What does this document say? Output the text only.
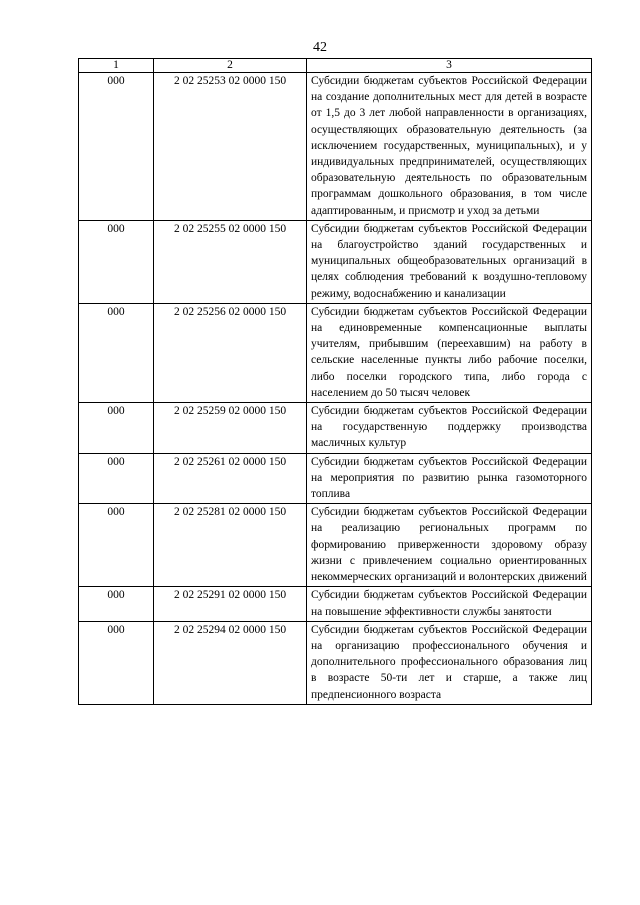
42
1	2	3
000	2 02 25253 02 0000 150	Субсидии бюджетам субъектов Российской Федерации на создание дополнительных мест для детей в возрасте от 1,5 до 3 лет любой направленности в организациях, осуществляющих образовательную деятельность (за исключением государственных, муниципальных), и у индивидуальных предпринимателей, осуществляющих образовательную деятельность по образовательным программам дошкольного образования, в том числе адаптированным, и присмотр и уход за детьми
000	2 02 25255 02 0000 150	Субсидии бюджетам субъектов Российской Федерации на благоустройство зданий государственных и муниципальных общеобразовательных организаций в целях соблюдения требований к воздушно-тепловому режиму, водоснабжению и канализации
000	2 02 25256 02 0000 150	Субсидии бюджетам субъектов Российской Федерации на единовременные компенсационные выплаты учителям, прибывшим (переехавшим) на работу в сельские населенные пункты либо рабочие поселки, либо поселки городского типа, либо города с населением до 50 тысяч человек
000	2 02 25259 02 0000 150	Субсидии бюджетам субъектов Российской Федерации на государственную поддержку производства масличных культур
000	2 02 25261 02 0000 150	Субсидии бюджетам субъектов Российской Федерации на мероприятия по развитию рынка газомоторного топлива
000	2 02 25281 02 0000 150	Субсидии бюджетам субъектов Российской Федерации на реализацию региональных программ по формированию приверженности здоровому образу жизни с привлечением социально ориентированных некоммерческих организаций и волонтерских движений
000	2 02 25291 02 0000 150	Субсидии бюджетам субъектов Российской Федерации на повышение эффективности службы занятости
000	2 02 25294 02 0000 150	Субсидии бюджетам субъектов Российской Федерации на организацию профессионального обучения и дополнительного профессионального образования лиц в возрасте 50-ти лет и старше, а также лиц предпенсионного возраста
